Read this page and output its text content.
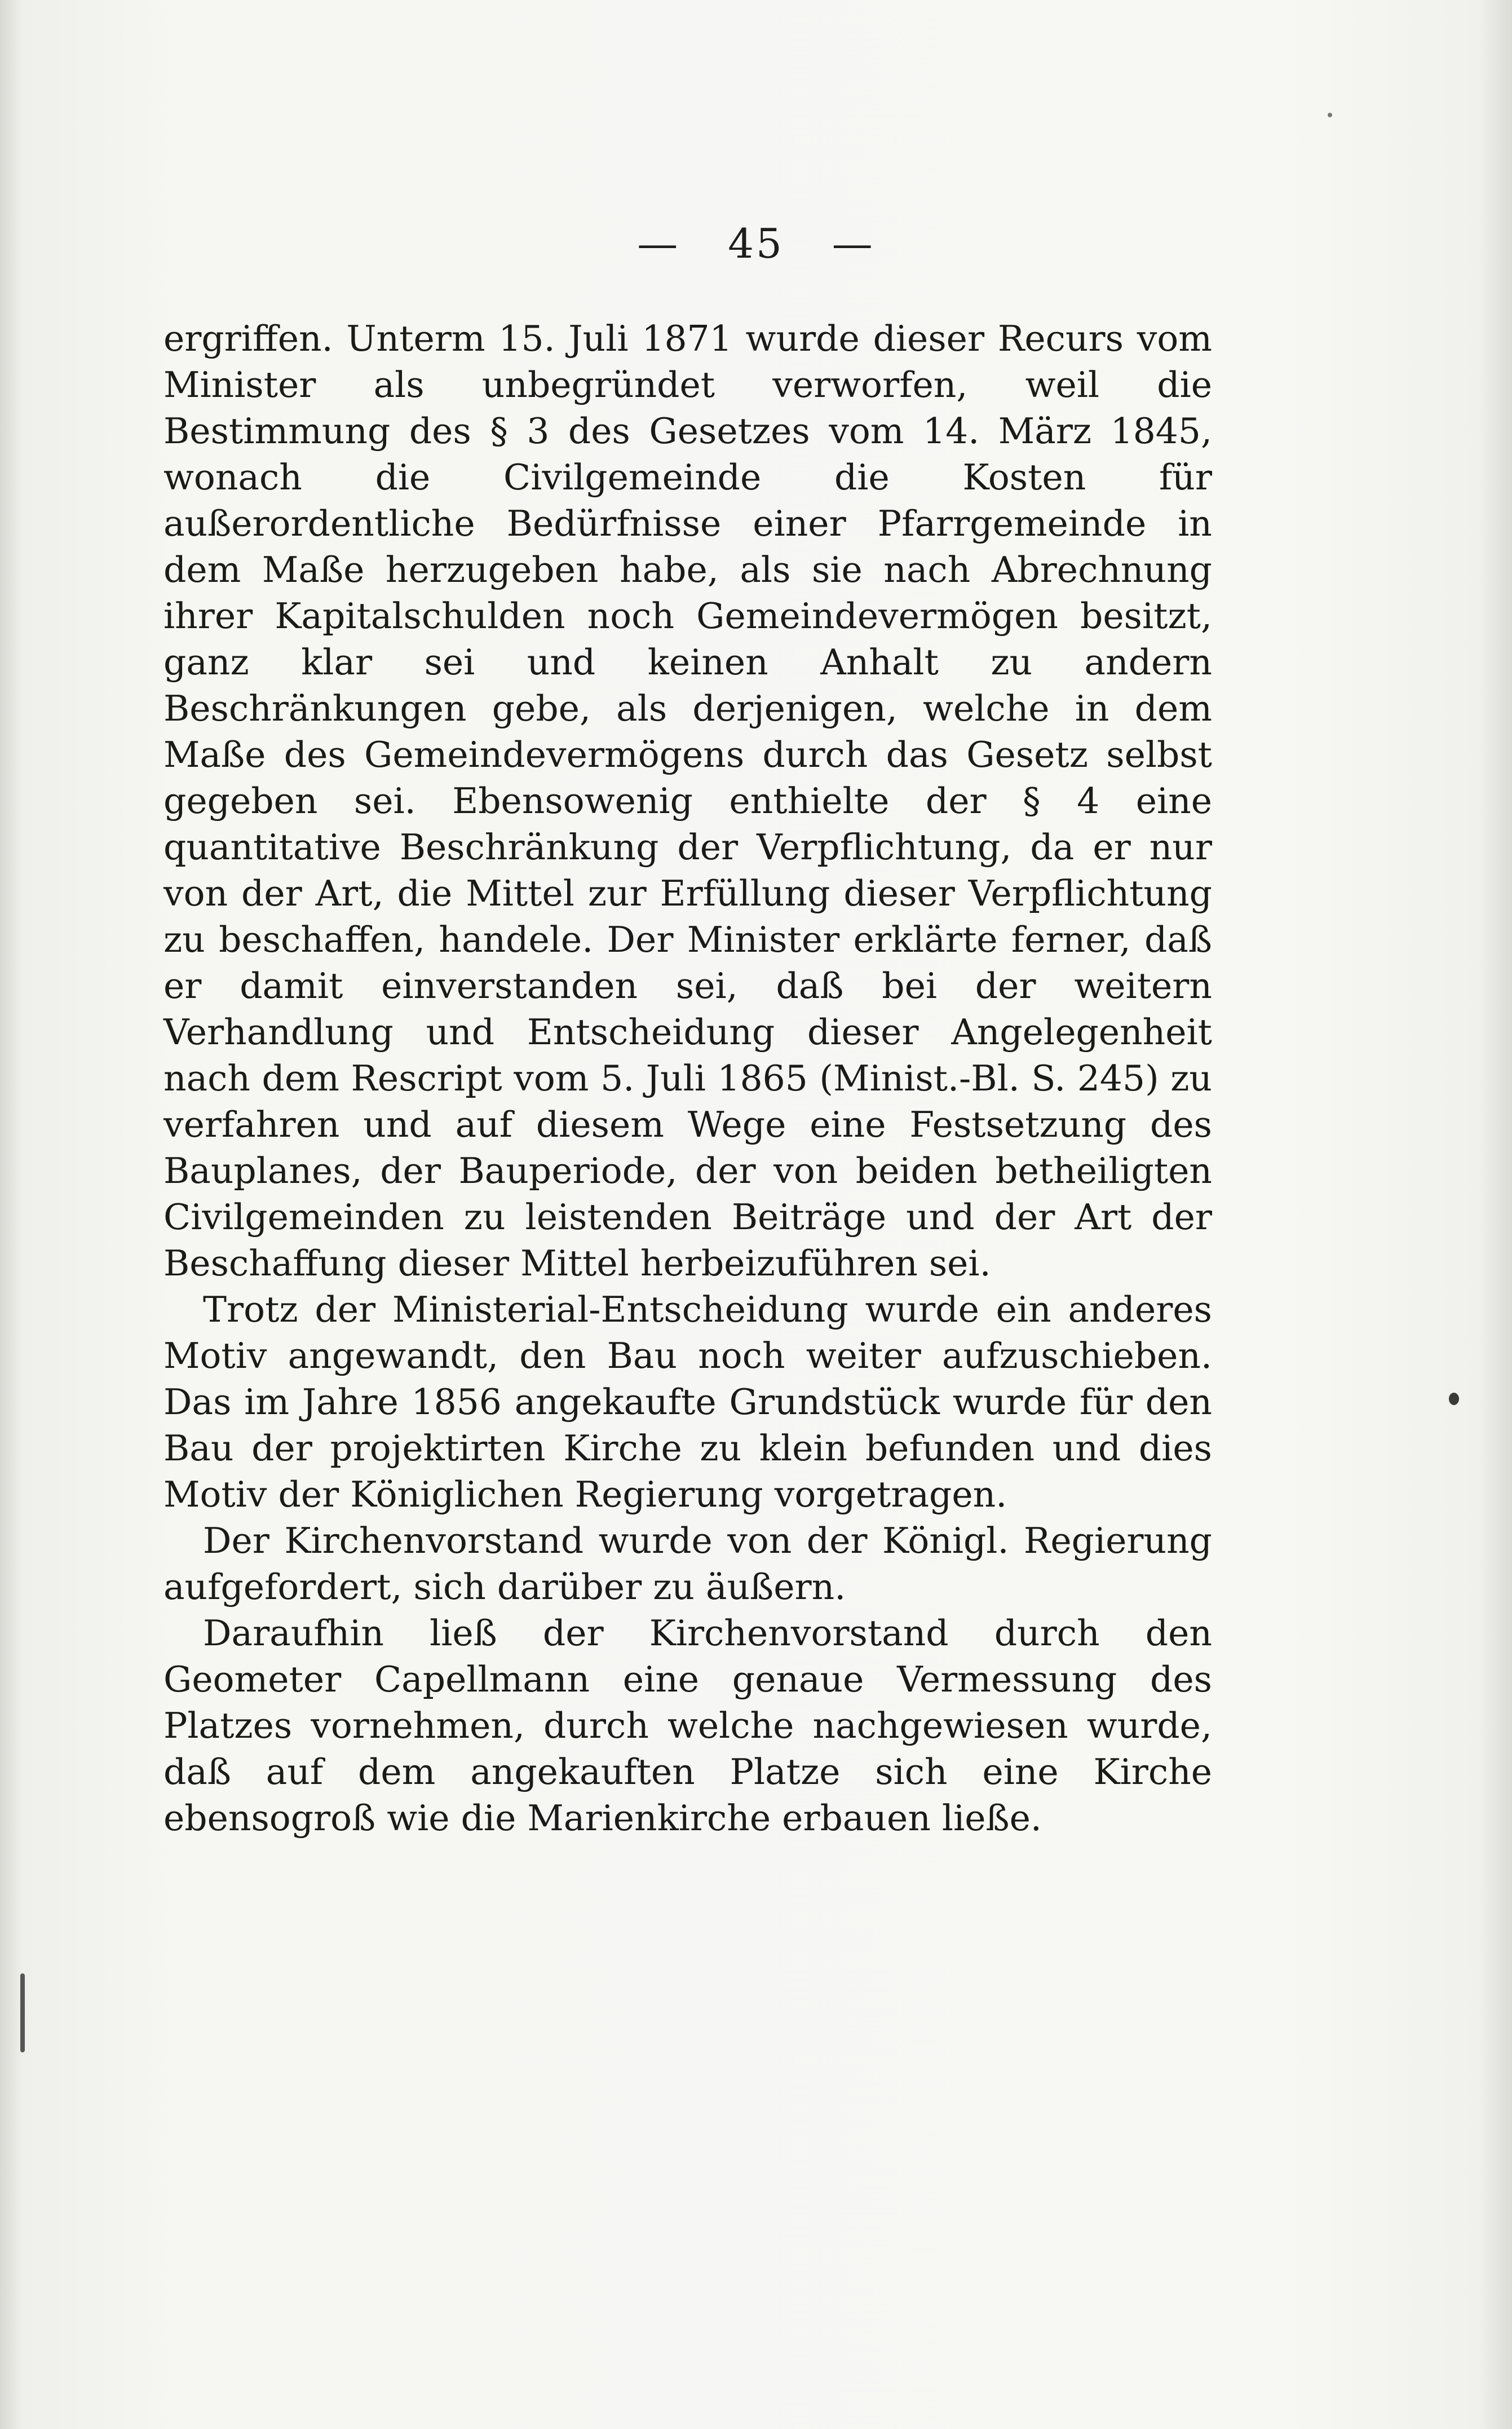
— 45 —

ergriffen. Unterm 15. Juli 1871 wurde dieser Recurs vom Minister als unbegründet verworfen, weil die Bestimmung des § 3 des Gesetzes vom 14. März 1845, wonach die Civilgemeinde die Kosten für außerordentliche Bedürfnisse einer Pfarrgemeinde in dem Maße herzugeben habe, als sie nach Abrechnung ihrer Kapitalschulden noch Gemeindevermögen besitzt, ganz klar sei und keinen Anhalt zu andern Beschränkungen gebe, als derjenigen, welche in dem Maße des Gemeindevermögens durch das Gesetz selbst gegeben sei. Ebensowenig enthielte der § 4 eine quantitative Beschränkung der Verpflichtung, da er nur von der Art, die Mittel zur Erfüllung dieser Verpflichtung zu beschaffen, handele. Der Minister erklärte ferner, daß er damit einverstanden sei, daß bei der weitern Verhandlung und Entscheidung dieser Angelegenheit nach dem Rescript vom 5. Juli 1865 (Minist.-Bl. S. 245) zu verfahren und auf diesem Wege eine Festsetzung des Bauplanes, der Bauperiode, der von beiden betheiligten Civilgemeinden zu leistenden Beiträge und der Art der Beschaffung dieser Mittel herbeizuführen sei.

Trotz der Ministerial-Entscheidung wurde ein anderes Motiv angewandt, den Bau noch weiter aufzuschieben. Das im Jahre 1856 angekaufte Grundstück wurde für den Bau der projektirten Kirche zu klein befunden und dies Motiv der Königlichen Regierung vorgetragen.

Der Kirchenvorstand wurde von der Königl. Regierung aufgefordert, sich darüber zu äußern.

Daraufhin ließ der Kirchenvorstand durch den Geometer Capellmann eine genaue Vermessung des Platzes vornehmen, durch welche nachgewiesen wurde, daß auf dem angekauften Platze sich eine Kirche ebensogroß wie die Marienkirche erbauen ließe.
